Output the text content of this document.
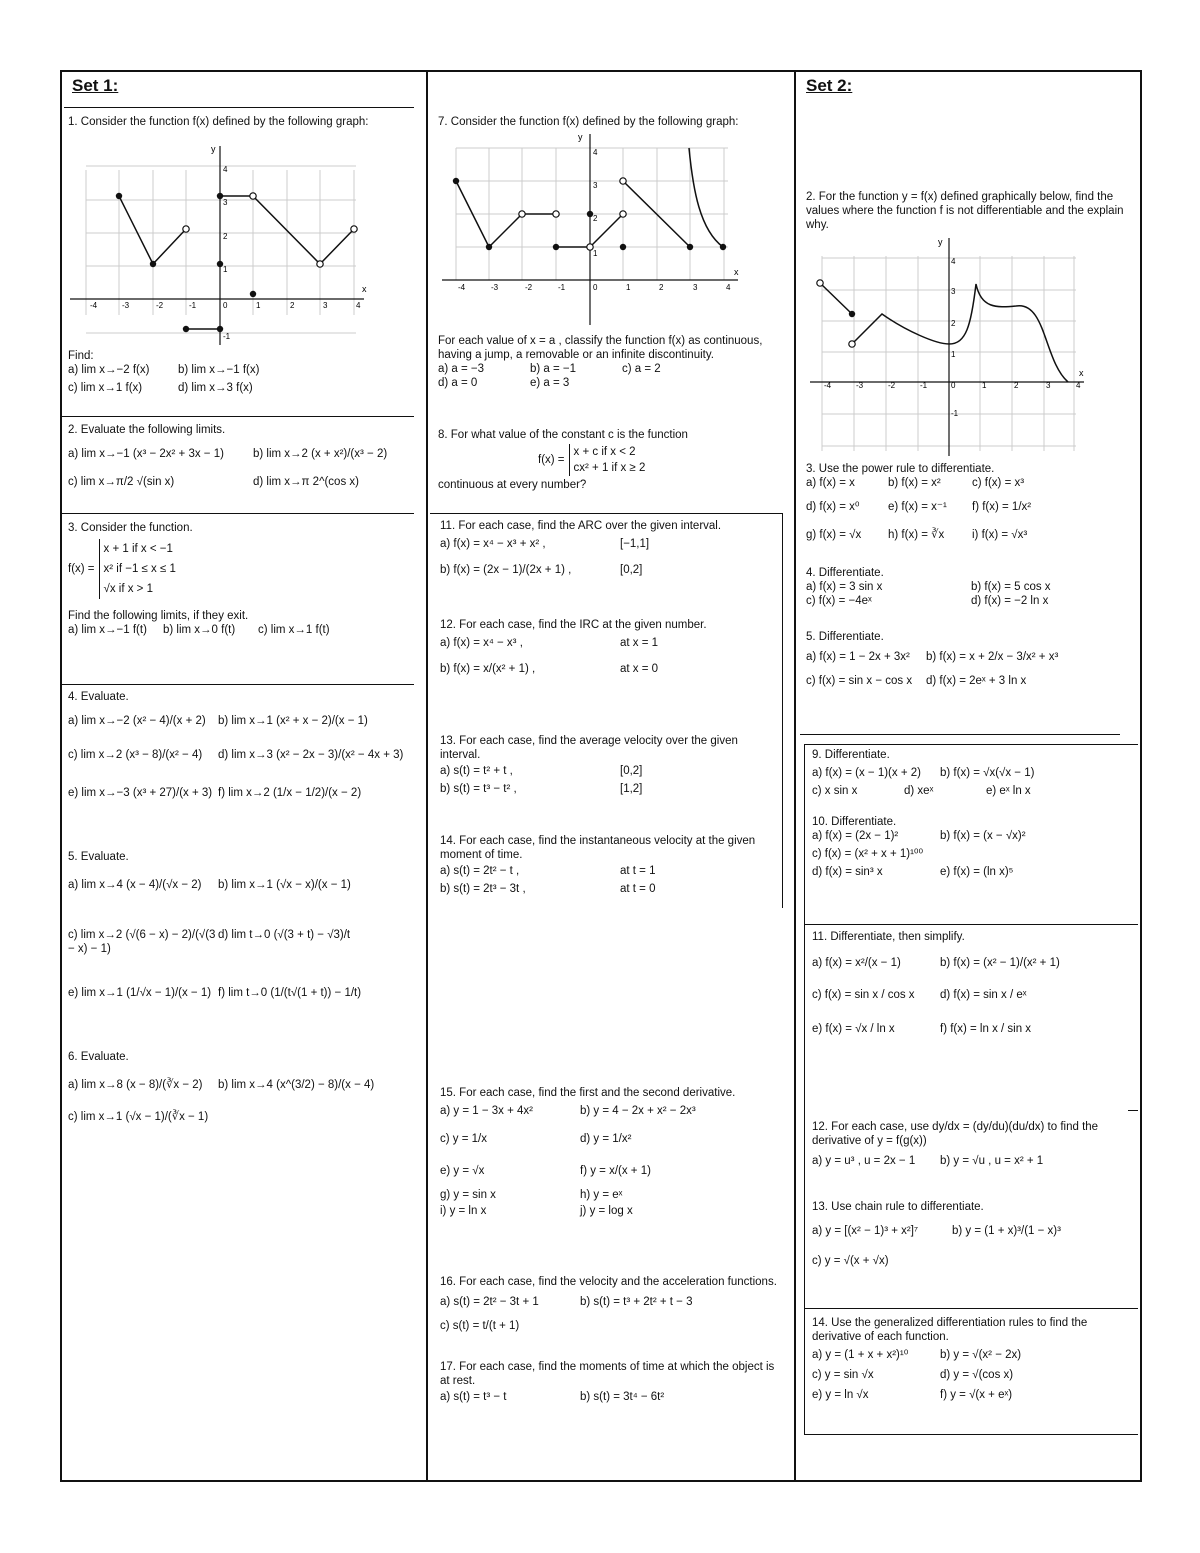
Set 1:
1. Consider the function f(x) defined by the following graph:
y
x
-4	-3	-2	-1	0	1	2	3	4
4
3
2
1
-1
Find:
a) lim x→−2 f(x)	b) lim x→−1 f(x)
c) lim x→1 f(x)	d) lim x→3 f(x)
2. Evaluate the following limits.
a) lim x→−1 (x³ − 2x² + 3x − 1)	b) lim x→2 (x + x²)/(x³ − 2)
c) lim x→π/2 √(sin x)	d) lim x→π 2^(cos x)
3. Consider the function.
f(x) =
x + 1 if x < −1
x² if −1 ≤ x ≤ 1
√x if x > 1
Find the following limits, if they exit.
a) lim x→−1 f(t)	b) lim x→0 f(t)	c) lim x→1 f(t)
4. Evaluate.
a) lim x→−2 (x² − 4)/(x + 2)	b) lim x→1 (x² + x − 2)/(x − 1)
c) lim x→2 (x³ − 8)/(x² − 4)	d) lim x→3 (x² − 2x − 3)/(x² − 4x + 3)
e) lim x→−3 (x³ + 27)/(x + 3) f) lim x→2 (1/x − 1/2)/(x − 2)
5. Evaluate.
a) lim x→4 (x − 4)/(√x − 2)	b) lim x→1 (√x − x)/(x − 1)
c) lim x→2 (√(6 − x) − 2)/(√(3 − x) − 1)
d) lim t→0 (√(3 + t) − √3)/t
e) lim x→1 (1/√x − 1)/(x − 1) f) lim t→0 (1/(t√(1 + t)) − 1/t)
6. Evaluate.
a) lim x→8 (x − 8)/(∛x − 2)	b) lim x→4 (x^(3/2) − 8)/(x − 4)
c) lim x→1 (√x − 1)/(∛x − 1)
7. Consider the function f(x) defined by the following graph:
y
x
-4	-3	-2	-1	0	1	2	3	4
4
3
2
1
For each value of x = a , classify the function f(x) as continuous, having a jump, a removable or an infinite discontinuity.
a) a = −3	b) a = −1	c) a = 2
d) a = 0	e) a = 3
8. For what value of the constant c is the function
f(x) =
x + c if x < 2
cx² + 1 if x ≥ 2
continuous at every number?
11. For each case, find the ARC over the given interval.
a) f(x) = x⁴ − x³ + x² ,	[−1,1]
b) f(x) = (2x − 1)/(2x + 1) ,	[0,2]
12. For each case, find the IRC at the given number.
a) f(x) = x⁴ − x³ ,	at x = 1
b) f(x) = x/(x² + 1) ,	at x = 0
13. For each case, find the average velocity over the given interval.
a) s(t) = t² + t ,	[0,2]
b) s(t) = t³ − t² ,	[1,2]
14. For each case, find the instantaneous velocity at the given moment of time.
a) s(t) = 2t² − t ,	at t = 1
b) s(t) = 2t³ − 3t ,	at t = 0
15. For each case, find the first and the second derivative.
a) y = 1 − 3x + 4x²	b) y = 4 − 2x + x² − 2x³
c) y = 1/x	d) y = 1/x²
e) y = √x	f) y = x/(x + 1)
g) y = sin x	h) y = eˣ
i) y = ln x	j) y = log x
16. For each case, find the velocity and the acceleration functions.
a) s(t) = 2t² − 3t + 1	b) s(t) = t³ + 2t² + t − 3
c) s(t) = t/(t + 1)
17. For each case, find the moments of time at which the object is at rest.
a) s(t) = t³ − t	b) s(t) = 3t⁴ − 6t²
Set 2:
2. For the function y = f(x) defined graphically below, find the values where the function f is not differentiable and the explain why.
y
x
-4	-3	-2	-1	0	1	2	3	4
4
3
2
1
-1
3. Use the power rule to differentiate.
a) f(x) = x	b) f(x) = x²	c) f(x) = x³
d) f(x) = x⁰	e) f(x) = x⁻¹	f) f(x) = 1/x²
g) f(x) = √x	h) f(x) = ∛x	i) f(x) = √x³
4. Differentiate.
a) f(x) = 3 sin x	b) f(x) = 5 cos x
c) f(x) = −4eˣ	d) f(x) = −2 ln x
5. Differentiate.
a) f(x) = 1 − 2x + 3x²	b) f(x) = x + 2/x − 3/x² + x³
c) f(x) = sin x − cos x	d) f(x) = 2eˣ + 3 ln x
9. Differentiate.
a) f(x) = (x − 1)(x + 2)	b) f(x) = √x(√x − 1)
c) x sin x	d) xeˣ	e) eˣ ln x
10. Differentiate.
a) f(x) = (2x − 1)²	b) f(x) = (x − √x)²
c) f(x) = (x² + x + 1)¹⁰⁰
d) f(x) = sin³ x	e) f(x) = (ln x)⁵
11. Differentiate, then simplify.
a) f(x) = x²/(x − 1)	b) f(x) = (x² − 1)/(x² + 1)
c) f(x) = sin x / cos x	d) f(x) = sin x / eˣ
e) f(x) = √x / ln x	f) f(x) = ln x / sin x
12. For each case, use dy/dx = (dy/du)(du/dx) to find the derivative of y = f(g(x))
a) y = u³ , u = 2x − 1	b) y = √u , u = x² + 1
13. Use chain rule to differentiate.
a) y = [(x² − 1)³ + x²]⁷	b) y = (1 + x)³/(1 − x)³
c) y = √(x + √x)
14. Use the generalized differentiation rules to find the derivative of each function.
a) y = (1 + x + x²)¹⁰	b) y = √(x² − 2x)
c) y = sin √x	d) y = √(cos x)
e) y = ln √x	f) y = √(x + eˣ)
